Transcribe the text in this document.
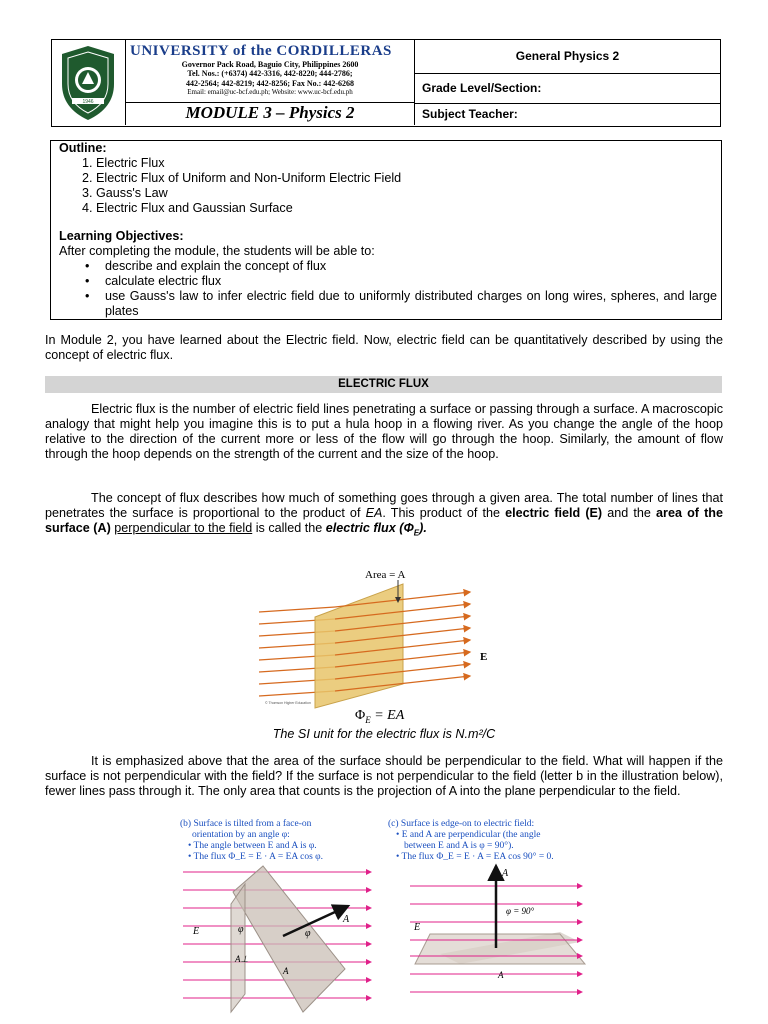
1946
UNIVERSITY of the CORDILLERAS
Governor Pack Road, Baguio City, Philippines 2600
Tel. Nos.: (+6374) 442-3316, 442-8220; 444-2786;
442-2564; 442-8219; 442-8256; Fax No.: 442-6268
Email: email@uc-bcf.edu.ph; Website: www.uc-bcf.edu.ph
MODULE 3 – Physics 2
General Physics 2
Grade Level/Section:
Subject Teacher:
Outline:
1. Electric Flux
2. Electric Flux of Uniform and Non-Uniform Electric Field
3. Gauss's Law
4. Electric Flux and Gaussian Surface
Learning Objectives:
After completing the module, the students will be able to:
• describe and explain the concept of flux
• calculate electric flux
• use Gauss's law to infer electric field due to uniformly distributed charges on long wires, spheres, and large plates
In Module 2, you have learned about the Electric field. Now, electric field can be quantitatively described by using the concept of electric flux.
ELECTRIC FLUX
Electric flux is the number of electric field lines penetrating a surface or passing through a surface. A macroscopic analogy that might help you imagine this is to put a hula hoop in a flowing river. As you change the angle of the hoop relative to the direction of the current more or less of the flow will go through the hoop. Similarly, the amount of flow through the hoop depends on the strength of the current and the size of the hoop.
The concept of flux describes how much of something goes through a given area. The total number of lines that penetrates the surface is proportional to the product of EA. This product of the electric field (E) and the area of the surface (A) perpendicular to the field is called the electric flux $(\Phi_E)$.
Area = A
E
© Thomson Higher Education
$\Phi_E$ = EA
The SI unit for the electric flux is N.m²/C
It is emphasized above that the area of the surface should be perpendicular to the field. What will happen if the surface is not perpendicular with the field? If the surface is not perpendicular to the field (letter b in the illustration below), fewer lines pass through it. The only area that counts is the projection of A into the plane perpendicular to the field.
(b) Surface is tilted from a face-on
orientation by an angle φ:
• The angle between E and A is φ.
• The flux Φ_E = E · A = EA cos φ.
E
A
φ	φ
A⊥
A
(c) Surface is edge-on to electric field:
• E and A are perpendicular (the angle
between E and A is φ = 90°).
• The flux Φ_E = E · A = EA cos 90° = 0.
A
φ = 90°
E
A
